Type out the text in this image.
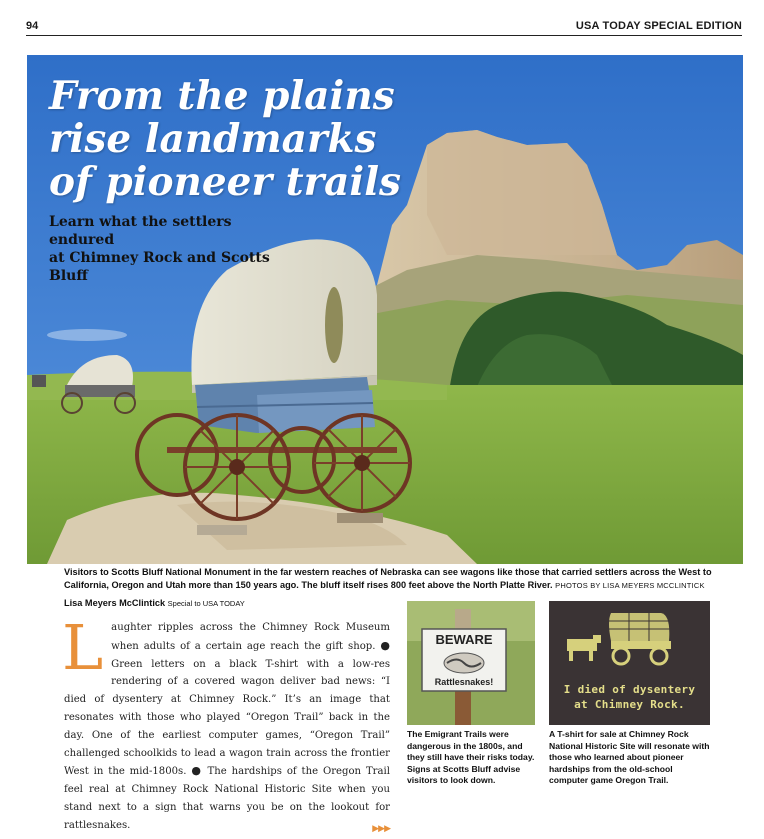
94	USA TODAY SPECIAL EDITION
From the plains
rise landmarks
of pioneer trails
Learn what the settlers endured
at Chimney Rock and Scotts Bluff
Visitors to Scotts Bluff National Monument in the far western reaches of Nebraska can see wagons like those that carried settlers across the West to California, Oregon and Utah more than 150 years ago. The bluff itself rises 800 feet above the North Platte River. PHOTOS BY LISA MEYERS MCCLINTICK
Lisa Meyers McClintick Special to USA TODAY
Laughter ripples across the Chimney Rock Museum when adults of a certain age reach the gift shop. ● Green letters on a black T-shirt with a low-res rendering of a covered wagon deliver bad news: “I died of dysentery at Chimney Rock.” It’s an image that resonates with those who played “Oregon Trail” back in the day. One of the earliest computer games, “Oregon Trail” challenged schoolkids to lead a wagon train across the frontier West in the mid-1800s. ● The hardships of the Oregon Trail feel real at Chimney Rock National Historic Site when you stand next to a sign that warns you be on the lookout for rattlesnakes.	▶▶▶
BEWARE
Rattlesnakes!
The Emigrant Trails were dangerous in the 1800s, and they still have their risks today. Signs at Scotts Bluff advise visitors to look down.
I died of dysentery
at Chimney Rock.
A T-shirt for sale at Chimney Rock National Historic Site will resonate with those who learned about pioneer hardships from the old-school computer game Oregon Trail.
